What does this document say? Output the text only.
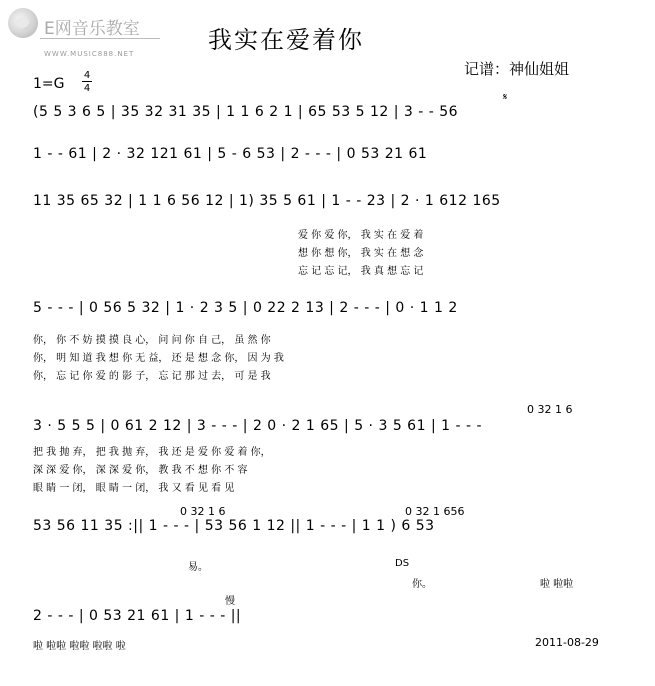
E网音乐教室
WWW.MUSIC888.NET	我实在爱着你
记谱：神仙姐姐
1=G
4
4
(5 5 3 6 5 | 35 32 31 35 | 1 1 6 2 1 | 65 53 5 12 | 3 - - 56
𝄋
1 - - 61 | 2 · 32 121 61 | 5 - 6 53 | 2 - - - | 0 53 21 61
11 35 65 32 | 1 1 6 56 12 | 1) 35 5 61 | 1 - - 23 | 2 · 1 612 165
爱 你 爱 你， 我 实 在 爱 着
想 你 想 你， 我 实 在 想 念
忘 记 忘 记， 我 真 想 忘 记
5 - - - | 0 56 5 32 | 1 · 2 3 5 | 0 22 2 13 | 2 - - - | 0 · 1 1 2
你， 你 不 妨 摸 摸 良 心， 问 问 你 自 己， 虽 然 你
你， 明 知 道 我 想 你 无 益， 还 是 想 念 你， 因 为 我
你， 忘 记 你 爱 的 影 子， 忘 记 那 过 去， 可 是 我
3 · 5 5 5 | 0 61 2 12 | 3 - - - | 2 0 · 2 1 65 | 5 · 3 5 61 | 1 - - -
0 32 1 6
把 我 抛 弃， 把 我 抛 弃， 我 还 是 爱 你 爱 着 你，
深 深 爱 你， 深 深 爱 你， 教 我 不 想 你 不 容
眼 睛 一 闭， 眼 睛 一 闭， 我 又 看 见 看 见
53 56 11 35 :|| 1 - - - | 53 56 1 12 || 1 - - - | 1 1 ) 6 53
0 32 1 6	0 32 1 656
易。	DS
你。	啦 啦啦
慢
2 - - - | 0 53 21 61 | 1 - - - ||
啦 啦啦 啦啦 啦啦 啦	2011-08-29
